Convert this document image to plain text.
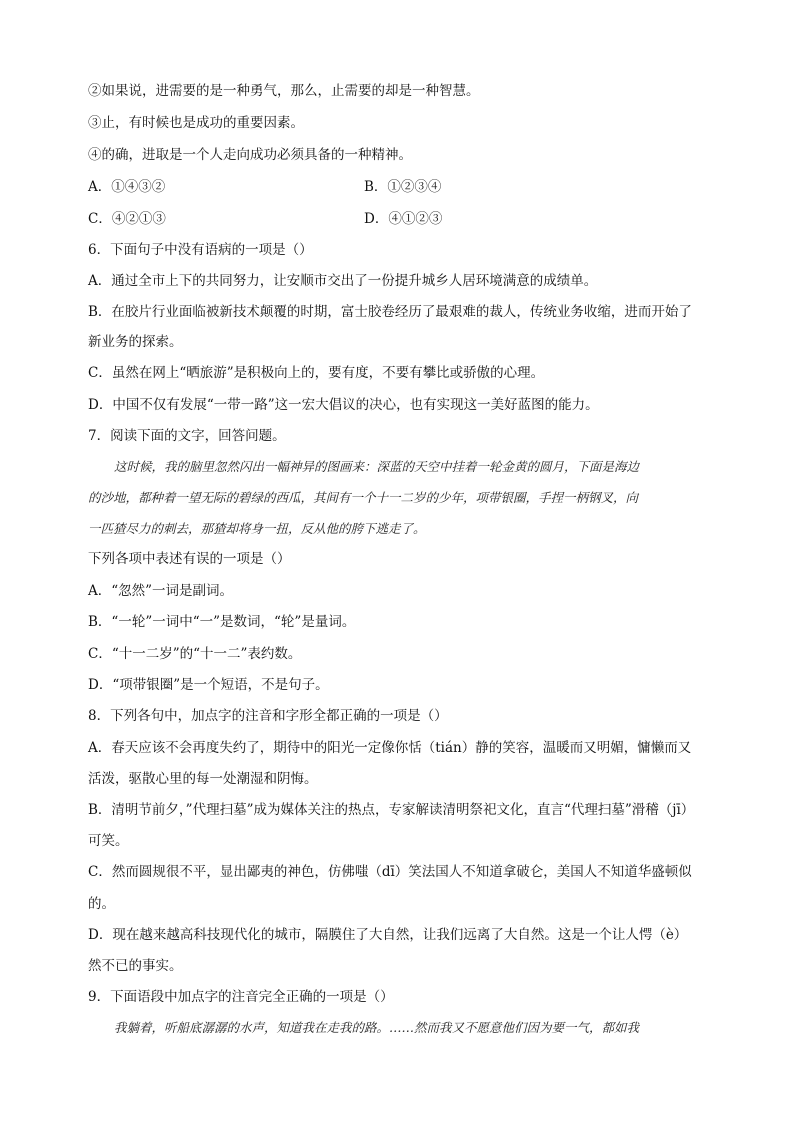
②如果说，进需要的是一种勇气，那么，止需要的却是一种智慧。
③止，有时候也是成功的重要因素。
④的确，进取是一个人走向成功必须具备的一种精神。
A．①④③②	B．①②③④
C．④②①③	D．④①②③
6．下面句子中没有语病的一项是（）
A．通过全市上下的共同努力，让安顺市交出了一份提升城乡人居环境满意的成绩单。
B．在胶片行业面临被新技术颠覆的时期，富士胶卷经历了最艰难的裁人，传统业务收缩，进而开始了
新业务的探索。
C．虽然在网上“晒旅游”是积极向上的，要有度，不要有攀比或骄傲的心理。
D．中国不仅有发展“一带一路”这一宏大倡议的决心，也有实现这一美好蓝图的能力。
7．阅读下面的文字，回答问题。
这时候，我的脑里忽然闪出一幅神异的图画来：深蓝的天空中挂着一轮金黄的圆月，下面是海边
的沙地，都种着一望无际的碧绿的西瓜，其间有一个十一二岁的少年，项带银圈，手捏一柄钢叉，向
一匹猹尽力的刺去，那猹却将身一扭，反从他的胯下逃走了。
下列各项中表述有误的一项是（）
A．“忽然”一词是副词。
B．“一轮”一词中“一”是数词，“轮”是量词。
C．“十一二岁”的“十一二”表约数。
D．“项带银圈”是一个短语，不是句子。
8．下列各句中，加点字的注音和字形全都正确的一项是（）
A．春天应该不会再度失约了，期待中的阳光一定像你恬（tián）静的笑容，温暖而又明媚，慵懒而又
活泼，驱散心里的每一处潮湿和阴悔。
B．清明节前夕，”代理扫墓”成为媒体关注的热点，专家解读清明祭祀文化，直言“代理扫墓”滑稽（jī）
可笑。
C．然而圆规很不平，显出鄙夷的神色，仿佛嗤（dī）笑法国人不知道拿破仑，美国人不知道华盛顿似
的。
D．现在越来越高科技现代化的城市，隔膜住了大自然，让我们远离了大自然。这是一个让人愕（è）
然不已的事实。
9．下面语段中加点字的注音完全正确的一项是（）
我躺着，听船底潺潺的水声，知道我在走我的路。……然而我又不愿意他们因为要一气，都如我
